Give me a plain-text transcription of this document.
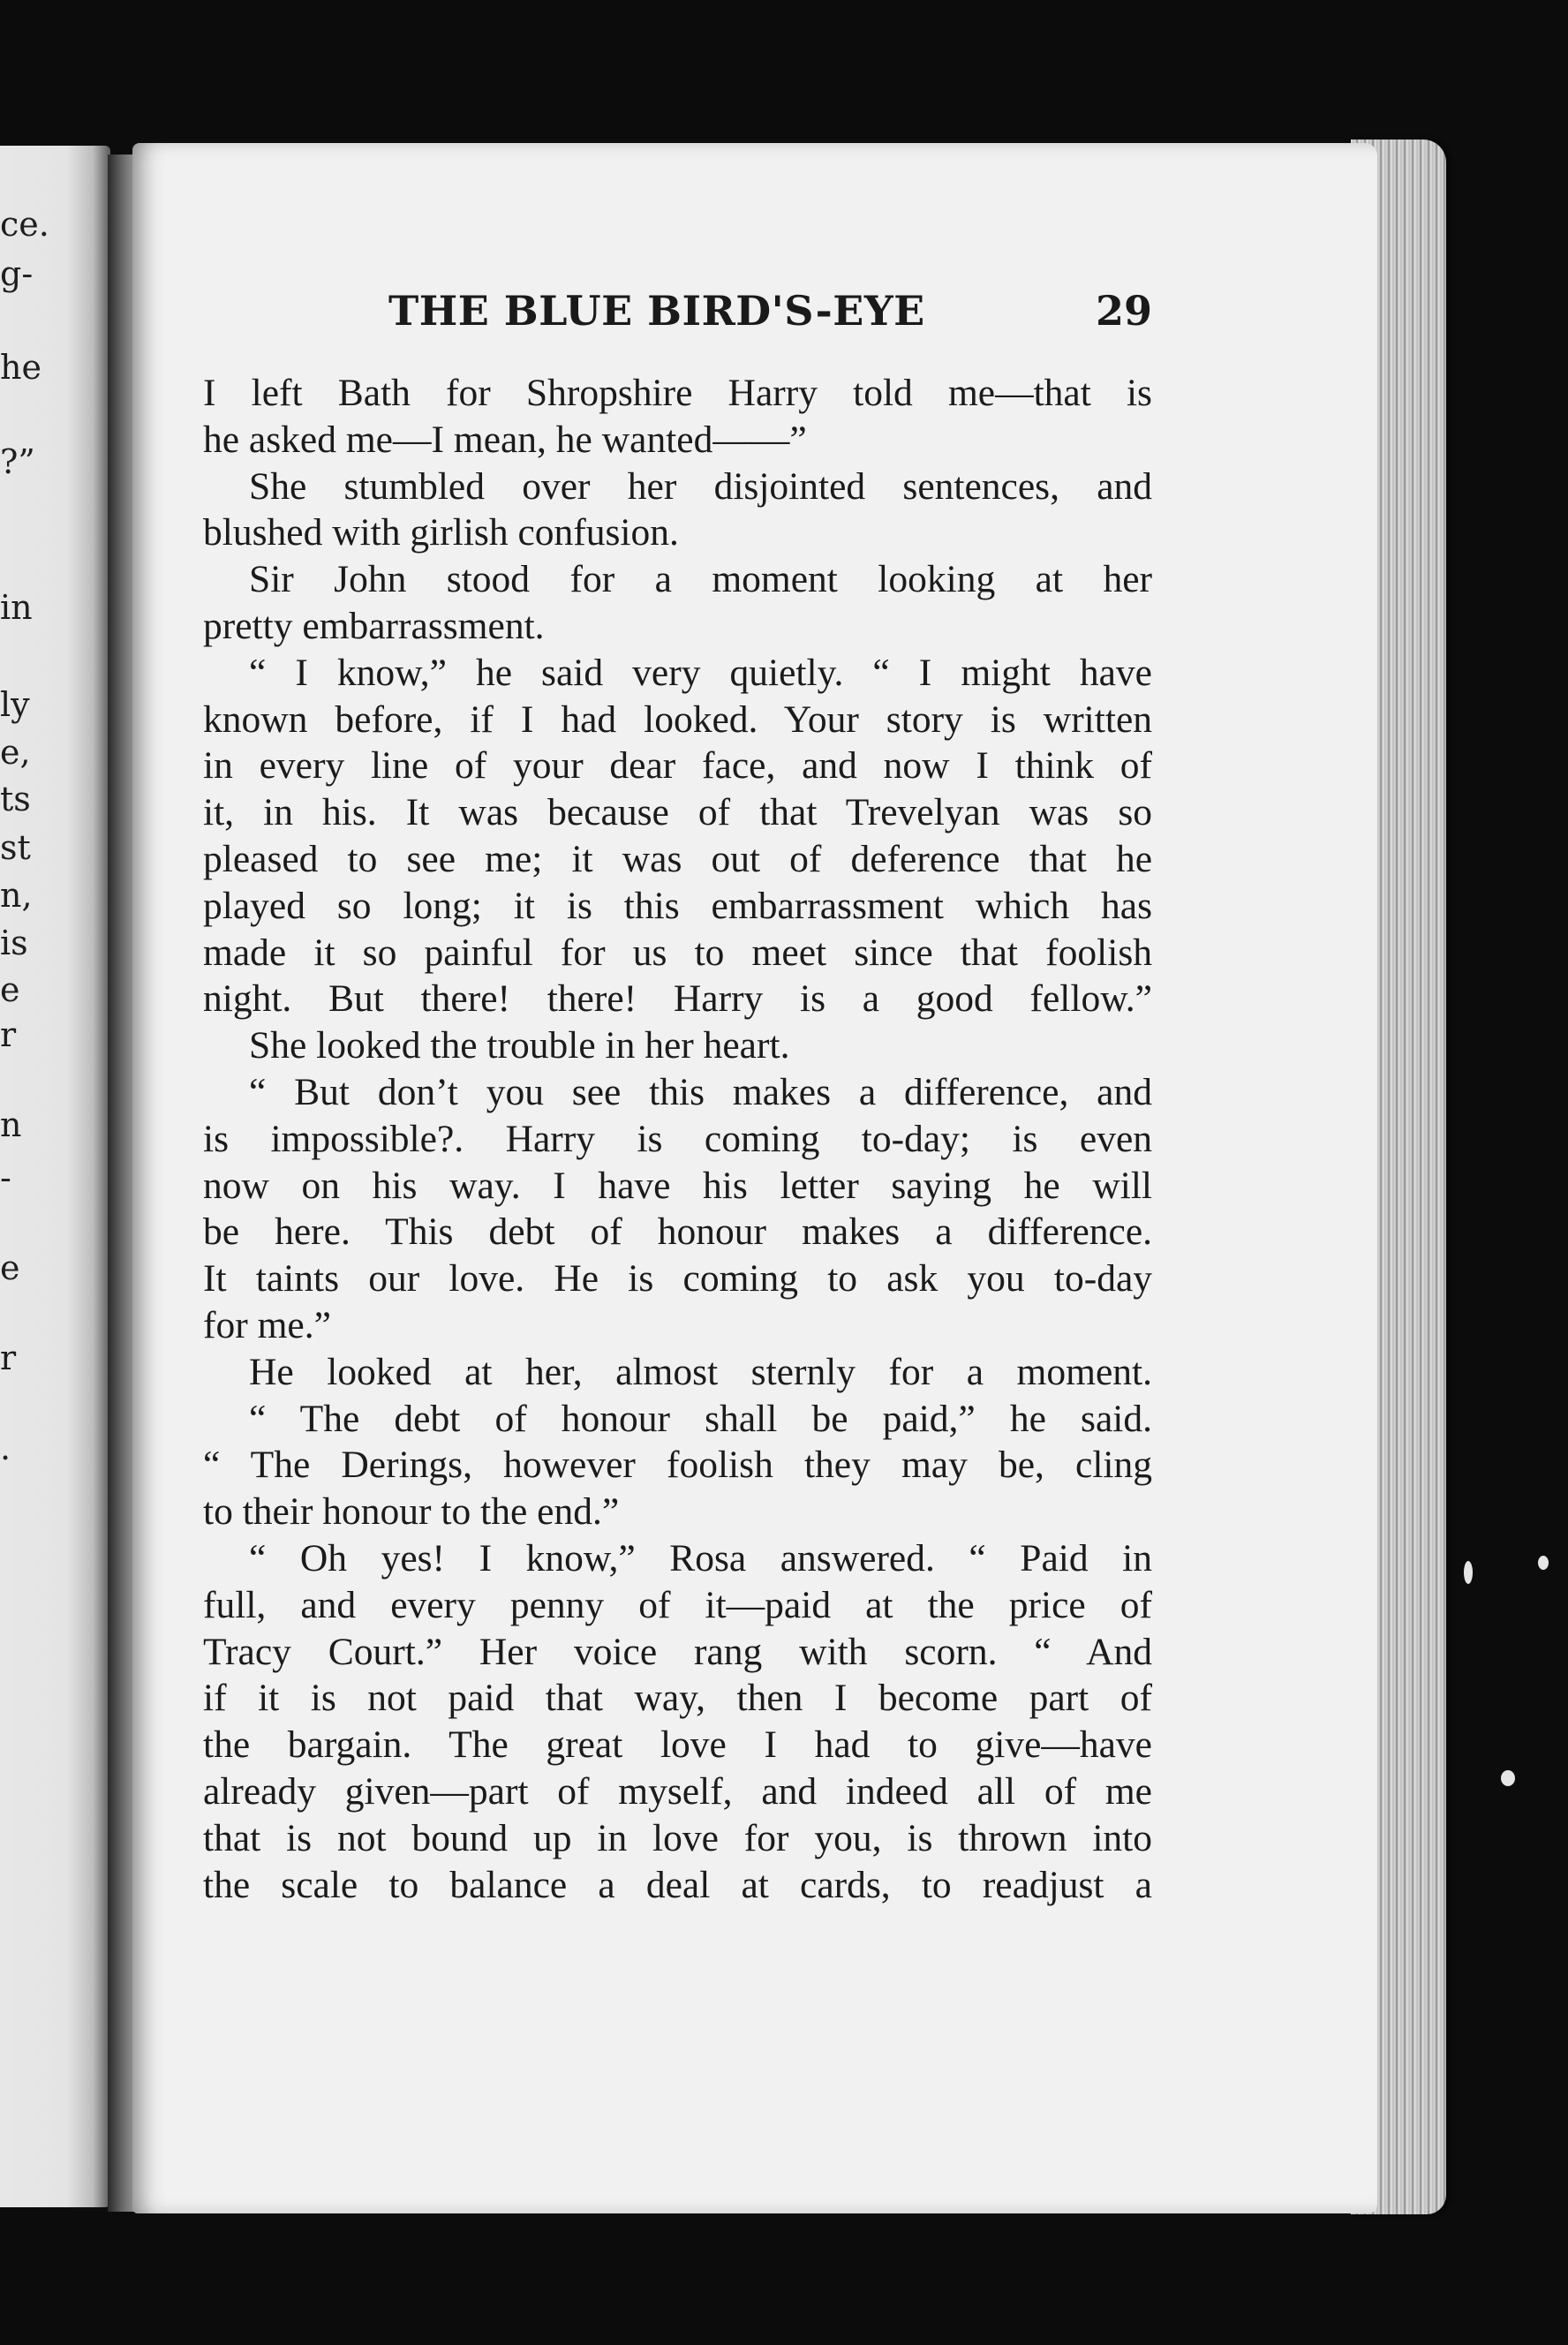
ce.
g-
he
?”
in
ly
e,
ts
st
n,
is
e
r
n
-
e
r
.
THE BLUE BIRD'S-EYE	29
I left Bath for Shropshire Harry told me—that is
he asked me—I mean, he wanted——”
She stumbled over her disjointed sentences, and
blushed with girlish confusion.
Sir John stood for a moment looking at her
pretty embarrassment.
“ I know,” he said very quietly. “ I might have
known before, if I had looked. Your story is written
in every line of your dear face, and now I think of
it, in his. It was because of that Trevelyan was so
pleased to see me; it was out of deference that he
played so long; it is this embarrassment which has
made it so painful for us to meet since that foolish
night. But there! there! Harry is a good fellow.”
She looked the trouble in her heart.
“ But don’t you see this makes a difference, and
is impossible?. Harry is coming to-day; is even
now on his way. I have his letter saying he will
be here. This debt of honour makes a difference.
It taints our love. He is coming to ask you to-day
for me.”
He looked at her, almost sternly for a moment.
“ The debt of honour shall be paid,” he said.
“ The Derings, however foolish they may be, cling
to their honour to the end.”
“ Oh yes! I know,” Rosa answered. “ Paid in
full, and every penny of it—paid at the price of
Tracy Court.” Her voice rang with scorn. “ And
if it is not paid that way, then I become part of
the bargain. The great love I had to give—have
already given—part of myself, and indeed all of me
that is not bound up in love for you, is thrown into
the scale to balance a deal at cards, to readjust a
